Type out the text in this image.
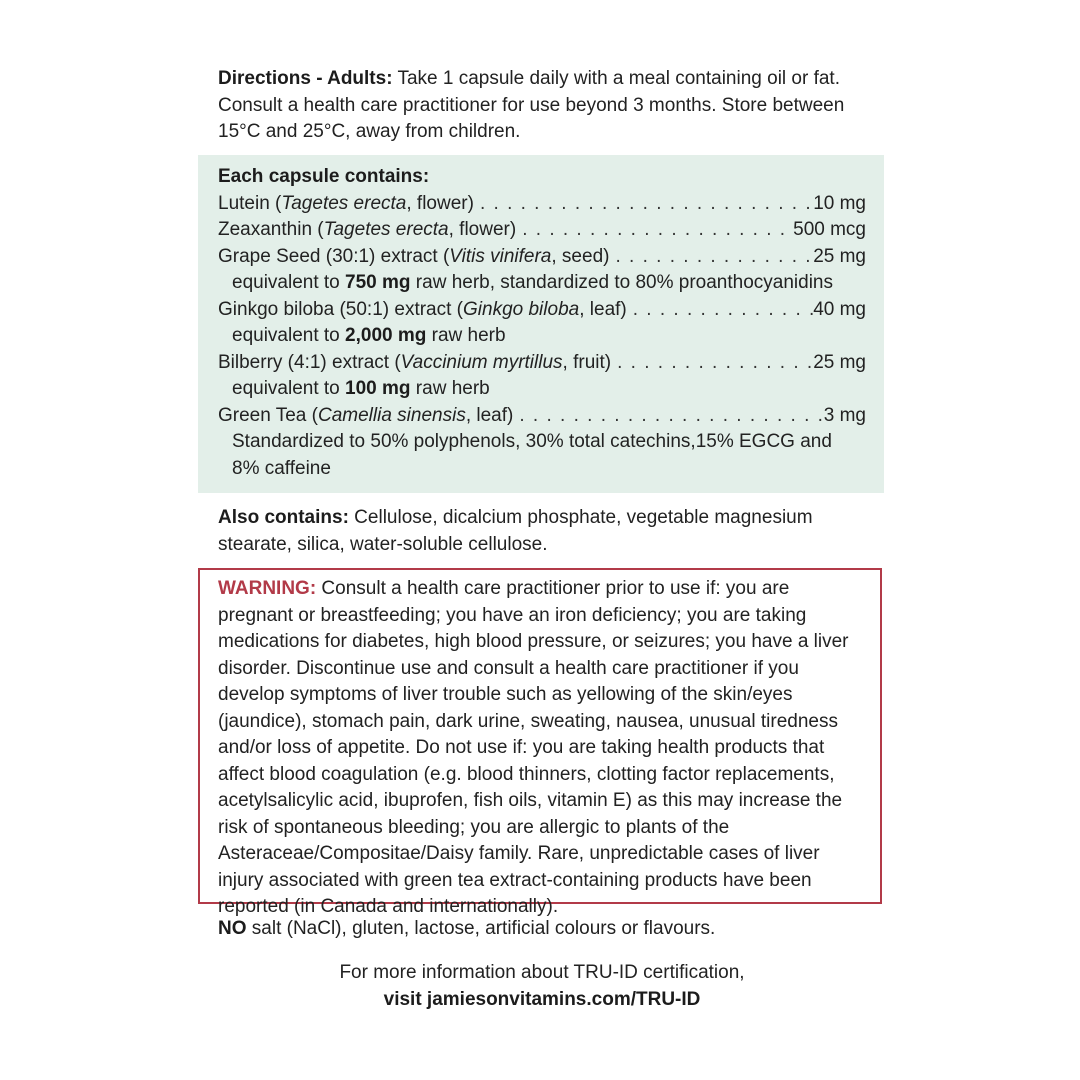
Directions - Adults: Take 1 capsule daily with a meal containing oil or fat. Consult a health care practitioner for use beyond 3 months. Store between 15°C and 25°C, away from children.

Each capsule contains:
Lutein (Tagetes erecta, flower) . . .	10 mg
Zeaxanthin (Tagetes erecta, flower) . . .	500 mcg
Grape Seed (30:1) extract (Vitis vinifera, seed) . . .	25 mg
equivalent to 750 mg raw herb, standardized to 80% proanthocyanidins
Ginkgo biloba (50:1) extract (Ginkgo biloba, leaf) . . .	40 mg
equivalent to 2,000 mg raw herb
Bilberry (4:1) extract (Vaccinium myrtillus, fruit) . . .	25 mg
equivalent to 100 mg raw herb
Green Tea (Camellia sinensis, leaf) . . .	3 mg
Standardized to 50% polyphenols, 30% total catechins,15% EGCG and
8% caffeine

Also contains: Cellulose, dicalcium phosphate, vegetable magnesium stearate, silica, water-soluble cellulose.

WARNING: Consult a health care practitioner prior to use if: you are pregnant or breastfeeding; you have an iron deficiency; you are taking medications for diabetes, high blood pressure, or seizures; you have a liver disorder. Discontinue use and consult a health care practitioner if you develop symptoms of liver trouble such as yellowing of the skin/eyes (jaundice), stomach pain, dark urine, sweating, nausea, unusual tiredness and/or loss of appetite. Do not use if: you are taking health products that affect blood coagulation (e.g. blood thinners, clotting factor replacements, acetylsalicylic acid, ibuprofen, fish oils, vitamin E) as this may increase the risk of spontaneous bleeding; you are allergic to plants of the Asteraceae/Compositae/Daisy family. Rare, unpredictable cases of liver injury associated with green tea extract-containing products have been reported (in Canada and internationally).

NO salt (NaCl), gluten, lactose, artificial colours or flavours.

For more information about TRU-ID certification,
visit jamiesonvitamins.com/TRU-ID
